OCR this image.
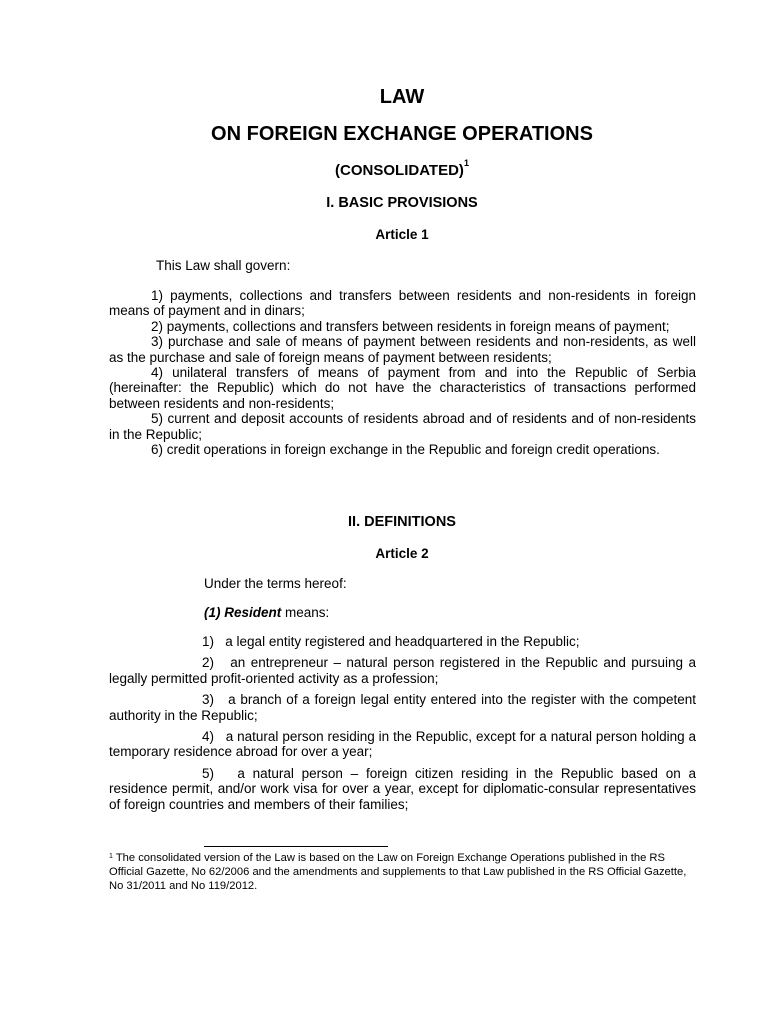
LAW
ON FOREIGN EXCHANGE OPERATIONS
(CONSOLIDATED)$^1$
I. BASIC PROVISIONS
Article 1
This Law shall govern:

1) payments, collections and transfers between residents and non-residents in foreign means of payment and in dinars;

2) payments, collections and transfers between residents in foreign means of payment;

3) purchase and sale of means of payment between residents and non-residents, as well as the purchase and sale of foreign means of payment between residents;

4) unilateral transfers of means of payment from and into the Republic of Serbia (hereinafter: the Republic) which do not have the characteristics of transactions performed between residents and non-residents;

5) current and deposit accounts of residents abroad and of residents and of non-residents in the Republic;

6) credit operations in foreign exchange in the Republic and foreign credit operations.

II. DEFINITIONS
Article 2
Under the terms hereof:
(1) Resident means:

1) a legal entity registered and headquartered in the Republic;

2) an entrepreneur – natural person registered in the Republic and pursuing a legally permitted profit-oriented activity as a profession;

3) a branch of a foreign legal entity entered into the register with the competent authority in the Republic;

4) a natural person residing in the Republic, except for a natural person holding a temporary residence abroad for over a year;

5) a natural person – foreign citizen residing in the Republic based on a residence permit, and/or work visa for over a year, except for diplomatic-consular representatives of foreign countries and members of their families;

$^1$ The consolidated version of the Law is based on the Law on Foreign Exchange Operations published in the RS Official Gazette, No 62/2006 and the amendments and supplements to that Law published in the RS Official Gazette, No 31/2011 and No 119/2012.
